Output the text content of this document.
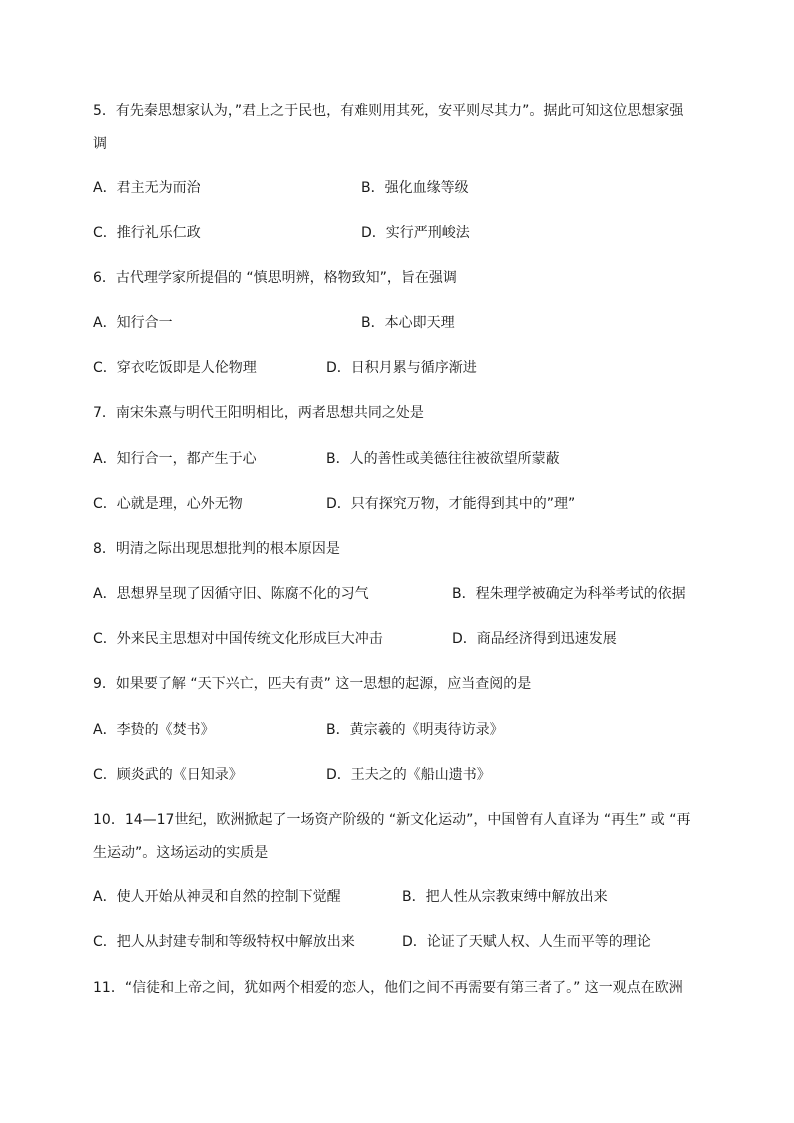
5．有先秦思想家认为，”君上之于民也，有难则用其死，安平则尽其力”。据此可知这位思想家强
调
A．君主无为而治	B．强化血缘等级
C．推行礼乐仁政	D．实行严刑峻法
6．古代理学家所提倡的 “慎思明辨，格物致知”，旨在强调
A．知行合一	B．本心即天理
C．穿衣吃饭即是人伦物理	D．日积月累与循序渐进
7．南宋朱熹与明代王阳明相比，两者思想共同之处是
A．知行合一，都产生于心	B．人的善性或美德往往被欲望所蒙蔽
C．心就是理，心外无物	D．只有探究万物，才能得到其中的”理”
8．明清之际出现思想批判的根本原因是
A．思想界呈现了因循守旧、陈腐不化的习气	B．程朱理学被确定为科举考试的依据
C．外来民主思想对中国传统文化形成巨大冲击	D．商品经济得到迅速发展
9．如果要了解 “天下兴亡，匹夫有责” 这一思想的起源，应当查阅的是
A．李贽的《焚书》	B．黄宗羲的《明夷待访录》
C．顾炎武的《日知录》	D．王夫之的《船山遗书》
10．14—17世纪，欧洲掀起了一场资产阶级的 “新文化运动”，中国曾有人直译为 “再生” 或 “再
生运动”。这场运动的实质是
A．使人开始从神灵和自然的控制下觉醒	B．把人性从宗教束缚中解放出来
C．把人从封建专制和等级特权中解放出来	D．论证了天赋人权、人生而平等的理论
11．“信徒和上帝之间，犹如两个相爱的恋人，他们之间不再需要有第三者了。” 这一观点在欧洲
